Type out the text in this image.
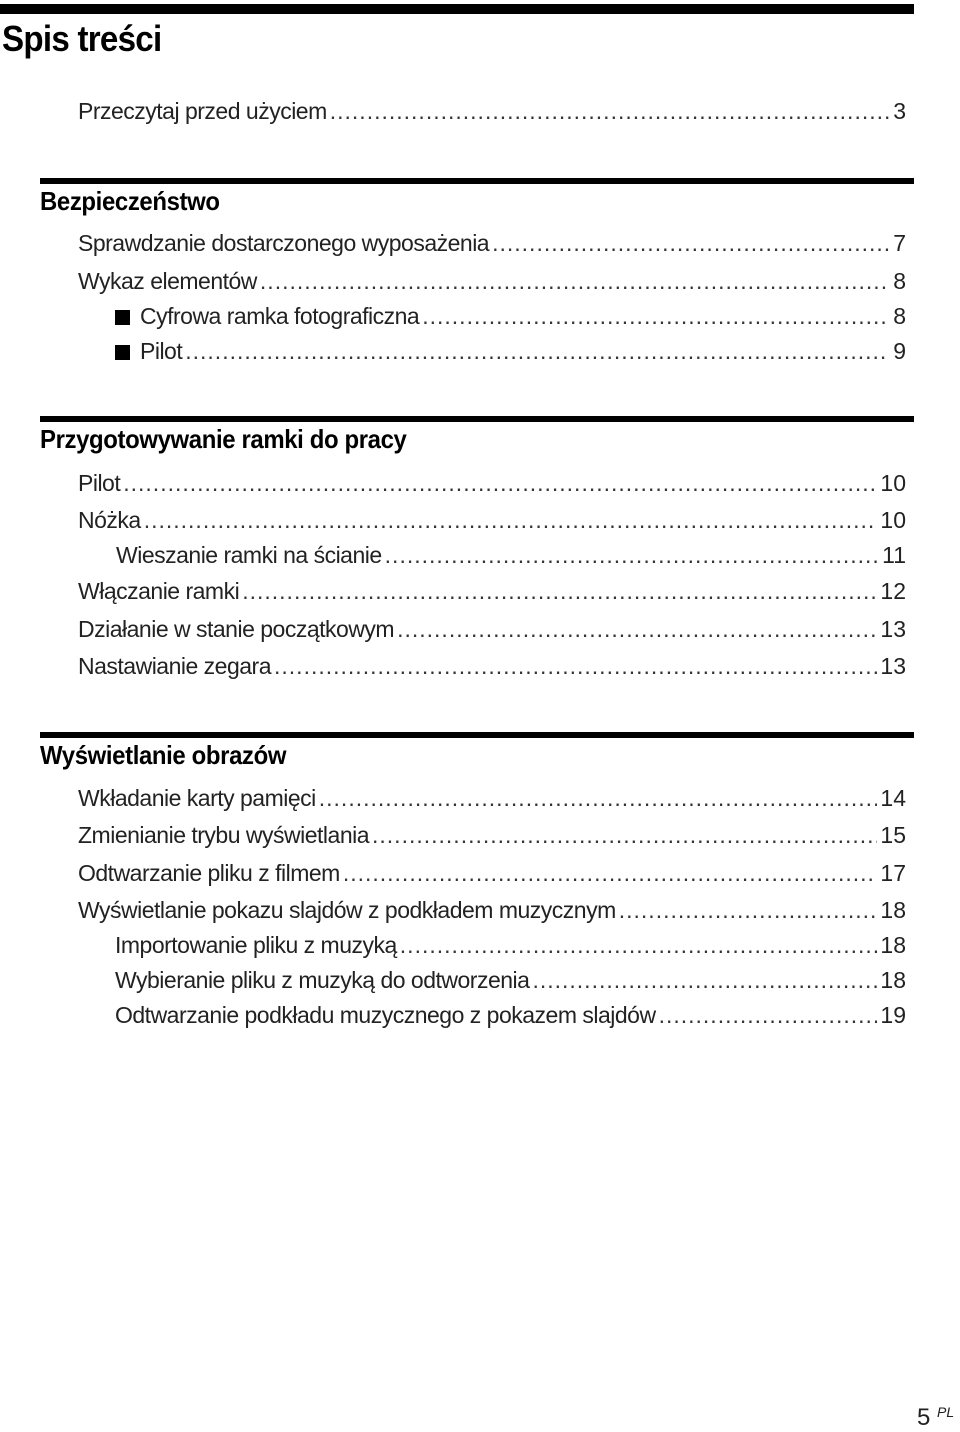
Spis treści
Przeczytaj przed użyciem .....	3
Bezpieczeństwo
Sprawdzanie dostarczonego wyposażenia .....	7
Wykaz elementów .....	8
Cyfrowa ramka fotograficzna .....	8
Pilot .....	9
Przygotowywanie ramki do pracy
Pilot .....	10
Nóżka .....	10
Wieszanie ramki na ścianie .....	11
Włączanie ramki .....	12
Działanie w stanie początkowym .....	13
Nastawianie zegara .....	13
Wyświetlanie obrazów
Wkładanie karty pamięci .....	14
Zmienianie trybu wyświetlania .....	15
Odtwarzanie pliku z filmem .....	17
Wyświetlanie pokazu slajdów z podkładem muzycznym .....	18
Importowanie pliku z muzyką .....	18
Wybieranie pliku z muzyką do odtworzenia .....	18
Odtwarzanie podkładu muzycznego z pokazem slajdów .....	19
5 PL
